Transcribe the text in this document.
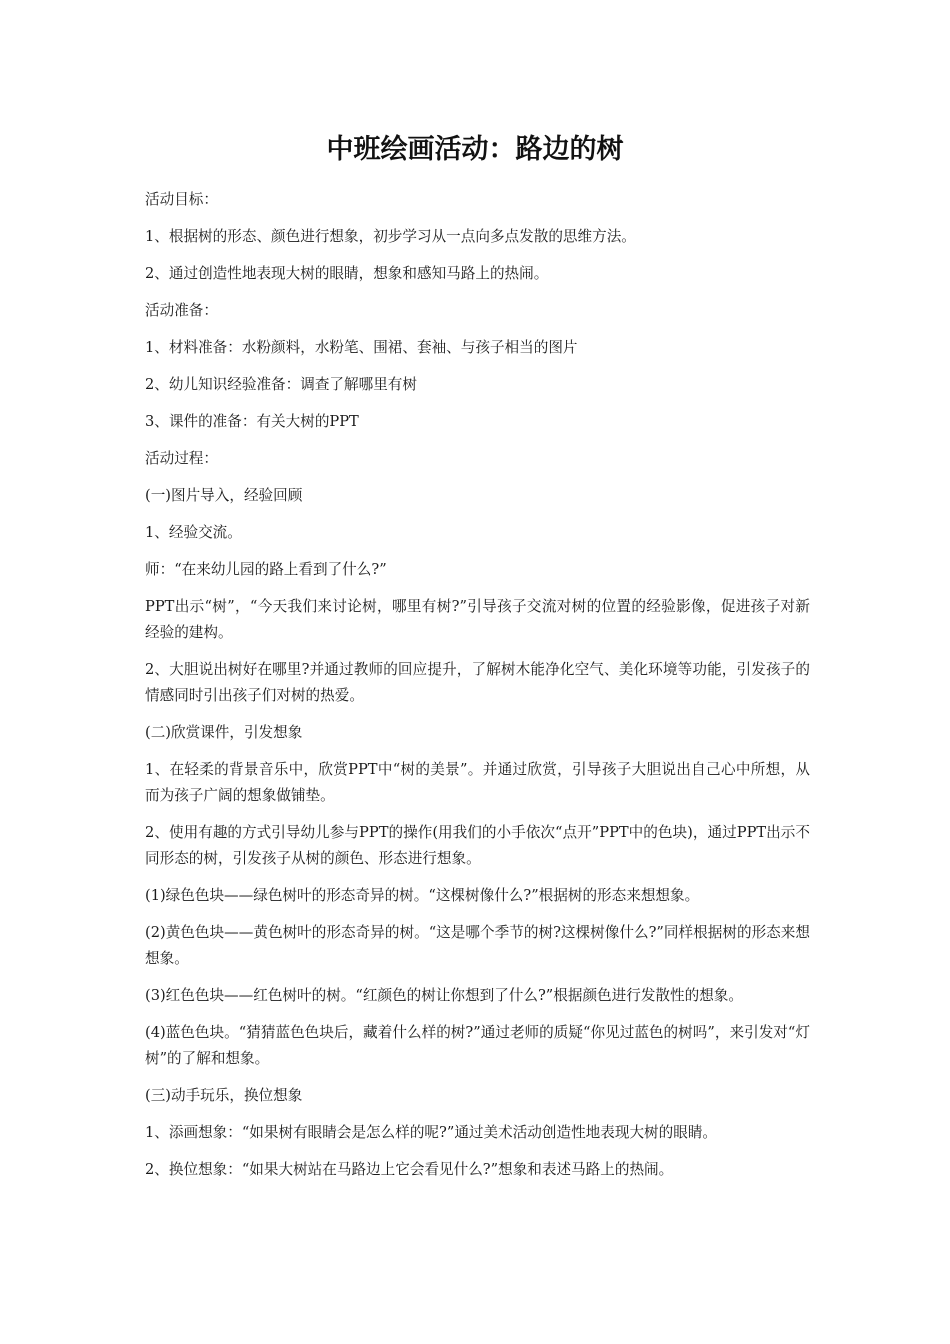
中班绘画活动：路边的树

活动目标：

1、根据树的形态、颜色进行想象，初步学习从一点向多点发散的思维方法。

2、通过创造性地表现大树的眼睛，想象和感知马路上的热闹。

活动准备：

1、材料准备：水粉颜料，水粉笔、围裙、套袖、与孩子相当的图片

2、幼儿知识经验准备：调查了解哪里有树

3、课件的准备：有关大树的PPT

活动过程：

(一)图片导入，经验回顾

1、经验交流。

师：“在来幼儿园的路上看到了什么?”

PPT出示“树”，“今天我们来讨论树，哪里有树?”引导孩子交流对树的位置的经验影像，促进孩子对新经验的建构。

2、大胆说出树好在哪里?并通过教师的回应提升，了解树木能净化空气、美化环境等功能，引发孩子的情感同时引出孩子们对树的热爱。

(二)欣赏课件，引发想象

1、在轻柔的背景音乐中，欣赏PPT中“树的美景”。并通过欣赏，引导孩子大胆说出自己心中所想，从而为孩子广阔的想象做铺垫。

2、使用有趣的方式引导幼儿参与PPT的操作(用我们的小手依次“点开”PPT中的色块)，通过PPT出示不同形态的树，引发孩子从树的颜色、形态进行想象。

(1)绿色色块——绿色树叶的形态奇异的树。“这棵树像什么?”根据树的形态来想想象。

(2)黄色色块——黄色树叶的形态奇异的树。“这是哪个季节的树?这棵树像什么?”同样根据树的形态来想想象。

(3)红色色块——红色树叶的树。“红颜色的树让你想到了什么?”根据颜色进行发散性的想象。

(4)蓝色色块。“猜猜蓝色色块后，藏着什么样的树?”通过老师的质疑“你见过蓝色的树吗”，来引发对“灯树”的了解和想象。

(三)动手玩乐，换位想象

1、添画想象：“如果树有眼睛会是怎么样的呢?”通过美术活动创造性地表现大树的眼睛。

2、换位想象：“如果大树站在马路边上它会看见什么?”想象和表述马路上的热闹。
